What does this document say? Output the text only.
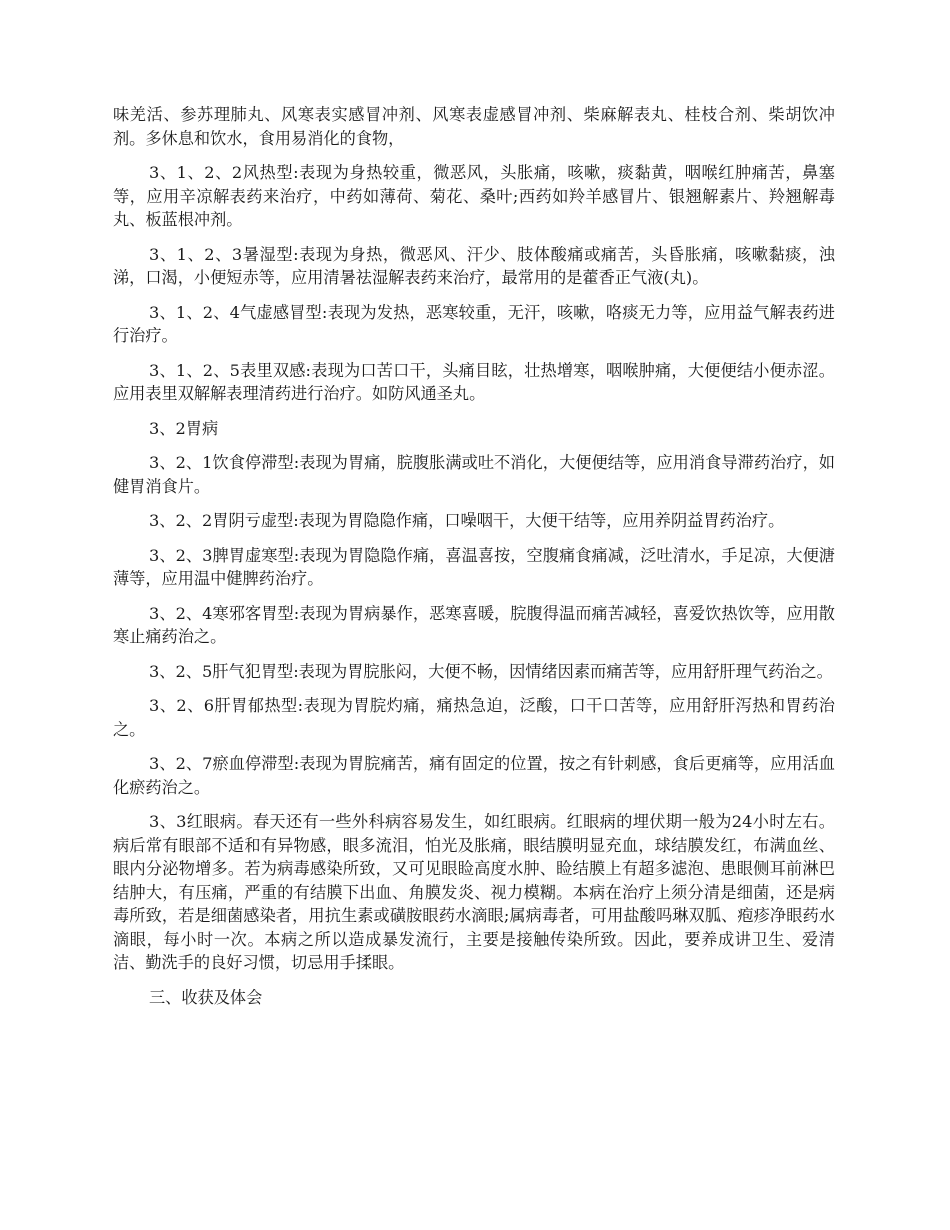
味羌活、参苏理肺丸、风寒表实感冒冲剂、风寒表虚感冒冲剂、柴麻解表丸、桂枝合剂、柴胡饮冲剂。多休息和饮水，食用易消化的食物，

3、1、2、2风热型:表现为身热较重，微恶风，头胀痛，咳嗽，痰黏黄，咽喉红肿痛苦，鼻塞等，应用辛凉解表药来治疗，中药如薄荷、菊花、桑叶;西药如羚羊感冒片、银翘解素片、羚翘解毒丸、板蓝根冲剂。

3、1、2、3暑湿型:表现为身热，微恶风、汗少、肢体酸痛或痛苦，头昏胀痛，咳嗽黏痰，浊涕，口渴，小便短赤等，应用清暑祛湿解表药来治疗，最常用的是藿香正气液(丸)。

3、1、2、4气虚感冒型:表现为发热，恶寒较重，无汗，咳嗽，咯痰无力等，应用益气解表药进行治疗。

3、1、2、5表里双感:表现为口苦口干，头痛目眩，壮热增寒，咽喉肿痛，大便便结小便赤涩。应用表里双解解表理清药进行治疗。如防风通圣丸。

3、2胃病

3、2、1饮食停滞型:表现为胃痛，脘腹胀满或吐不消化，大便便结等，应用消食导滞药治疗，如健胃消食片。

3、2、2胃阴亏虚型:表现为胃隐隐作痛，口噪咽干，大便干结等，应用养阴益胃药治疗。

3、2、3脾胃虚寒型:表现为胃隐隐作痛，喜温喜按，空腹痛食痛减，泛吐清水，手足凉，大便溏薄等，应用温中健脾药治疗。

3、2、4寒邪客胃型:表现为胃病暴作，恶寒喜暖，脘腹得温而痛苦减轻，喜爱饮热饮等，应用散寒止痛药治之。

3、2、5肝气犯胃型:表现为胃脘胀闷，大便不畅，因情绪因素而痛苦等，应用舒肝理气药治之。

3、2、6肝胃郁热型:表现为胃脘灼痛，痛热急迫，泛酸，口干口苦等，应用舒肝泻热和胃药治之。

3、2、7瘀血停滞型:表现为胃脘痛苦，痛有固定的位置，按之有针刺感，食后更痛等，应用活血化瘀药治之。

3、3红眼病。春天还有一些外科病容易发生，如红眼病。红眼病的埋伏期一般为24小时左右。病后常有眼部不适和有异物感，眼多流泪，怕光及胀痛，眼结膜明显充血，球结膜发红，布满血丝、眼内分泌物增多。若为病毒感染所致，又可见眼睑高度水肿、睑结膜上有超多滤泡、患眼侧耳前淋巴结肿大，有压痛，严重的有结膜下出血、角膜发炎、视力模糊。本病在治疗上须分清是细菌，还是病毒所致，若是细菌感染者，用抗生素或磺胺眼药水滴眼;属病毒者，可用盐酸吗琳双胍、疱疹净眼药水滴眼，每小时一次。本病之所以造成暴发流行，主要是接触传染所致。因此，要养成讲卫生、爱清洁、勤洗手的良好习惯，切忌用手揉眼。

三、收获及体会
